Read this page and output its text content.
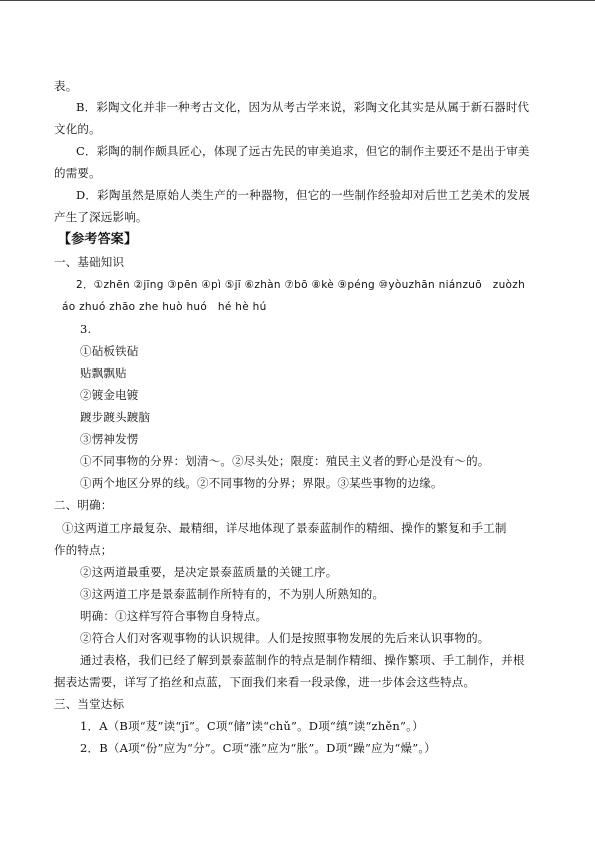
表。
B．彩陶文化并非一种考古文化，因为从考古学来说，彩陶文化其实是从属于新石器时代
文化的。
C．彩陶的制作颇具匠心，体现了远古先民的审美追求，但它的制作主要还不是出于审美
的需要。
D．彩陶虽然是原始人类生产的一种器物，但它的一些制作经验却对后世工艺美术的发展
产生了深远影响。
【参考答案】
一、基础知识
2．①zhēn ②jīng ③pēn ④pì ⑤jī ⑥zhàn ⑦bō ⑧kè ⑨péng ⑩yòuzhān niánzuō　zuòzh
áo zhuó zhāo zhe huò huó　hé hè hú
3.
①砧板铁砧
贴飘飘贴
②镀金电镀
踱步踱头踱脑
③愣神发愣
①不同事物的分界：划清～。②尽头处；限度：殖民主义者的野心是没有～的。
①两个地区分界的线。②不同事物的分界；界限。③某些事物的边缘。
二、明确：
①这两道工序最复杂、最精细，详尽地体现了景泰蓝制作的精细、操作的繁复和手工制
作的特点；
②这两道最重要，是决定景泰蓝质量的关键工序。
③这两道工序是景泰蓝制作所特有的，不为别人所熟知的。
明确：①这样写符合事物自身特点。
②符合人们对客观事物的认识规律。人们是按照事物发展的先后来认识事物的。
通过表格，我们已经了解到景泰蓝制作的特点是制作精细、操作繁项、手工制作，并根
据表达需要，详写了掐丝和点蓝，下面我们来看一段录像，进一步体会这些特点。
三、当堂达标
1．A（B项“芨”读“jī”。C项“储”读“chǔ”。D项“缜”读“zhěn”。）
2．B（A项“份”应为“分”。C项“涨”应为“胀”。D项“躁”应为“燥”。）
